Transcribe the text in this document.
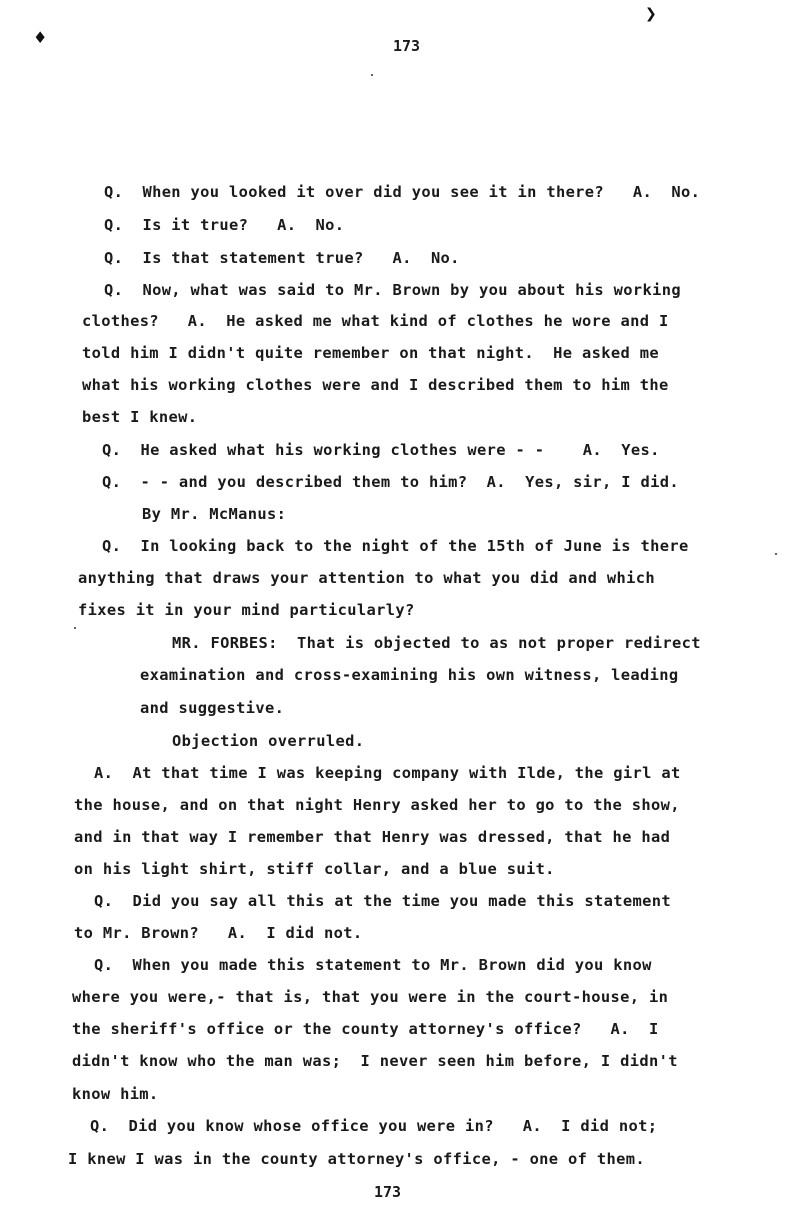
♦
❯
173
Q.  When you looked it over did you see it in there?   A.  No.
Q.  Is it true?   A.  No.
Q.  Is that statement true?   A.  No.
Q.  Now, what was said to Mr. Brown by you about his working
clothes?   A.  He asked me what kind of clothes he wore and I
told him I didn't quite remember on that night.  He asked me
what his working clothes were and I described them to him the
best I knew.
Q.  He asked what his working clothes were - -    A.  Yes.
Q.  - - and you described them to him?  A.  Yes, sir, I did.
By Mr. McManus:
Q.  In looking back to the night of the 15th of June is there
anything that draws your attention to what you did and which
fixes it in your mind particularly?
MR. FORBES:  That is objected to as not proper redirect
examination and cross-examining his own witness, leading
and suggestive.
Objection overruled.
A.  At that time I was keeping company with Ilde, the girl at
the house, and on that night Henry asked her to go to the show,
and in that way I remember that Henry was dressed, that he had
on his light shirt, stiff collar, and a blue suit.
Q.  Did you say all this at the time you made this statement
to Mr. Brown?   A.  I did not.
Q.  When you made this statement to Mr. Brown did you know
where you were,- that is, that you were in the court-house, in
the sheriff's office or the county attorney's office?   A.  I
didn't know who the man was;  I never seen him before, I didn't
know him.
Q.  Did you know whose office you were in?   A.  I did not;
I knew I was in the county attorney's office, - one of them.
173
